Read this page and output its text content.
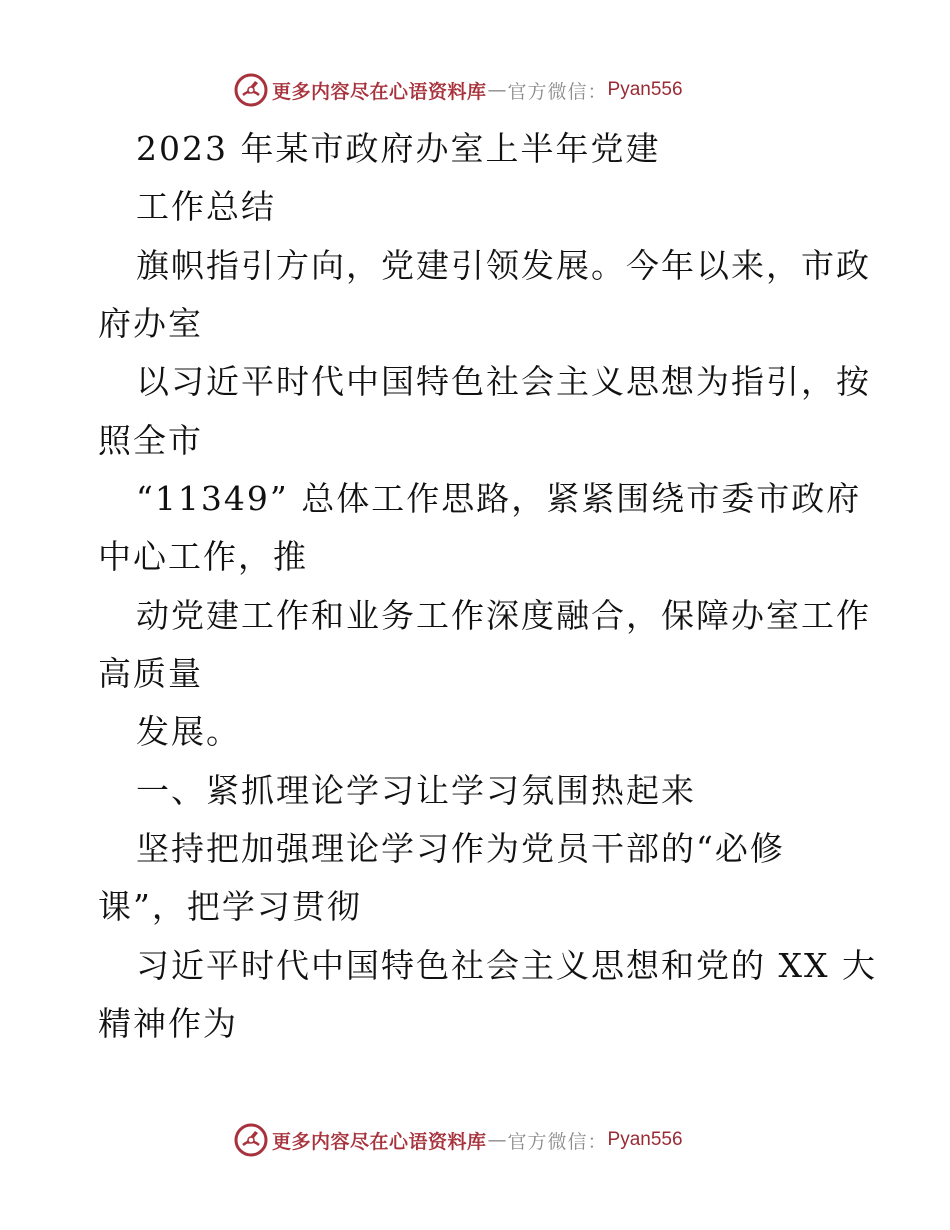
更多内容尽在心语资料库 — 官方微信： Pyan556
2023 年某市政府办室上半年党建
工作总结
旗帜指引方向，党建引领发展。今年以来，市政
府办室
以习近平时代中国特色社会主义思想为指引，按
照全市
“11349” 总体工作思路，紧紧围绕市委市政府
中心工作，推
动党建工作和业务工作深度融合，保障办室工作
高质量
发展。
一、紧抓理论学习让学习氛围热起来
坚持把加强理论学习作为党员干部的“必修
课”，把学习贯彻
习近平时代中国特色社会主义思想和党的 XX 大
精神作为
更多内容尽在心语资料库 — 官方微信： Pyan556
